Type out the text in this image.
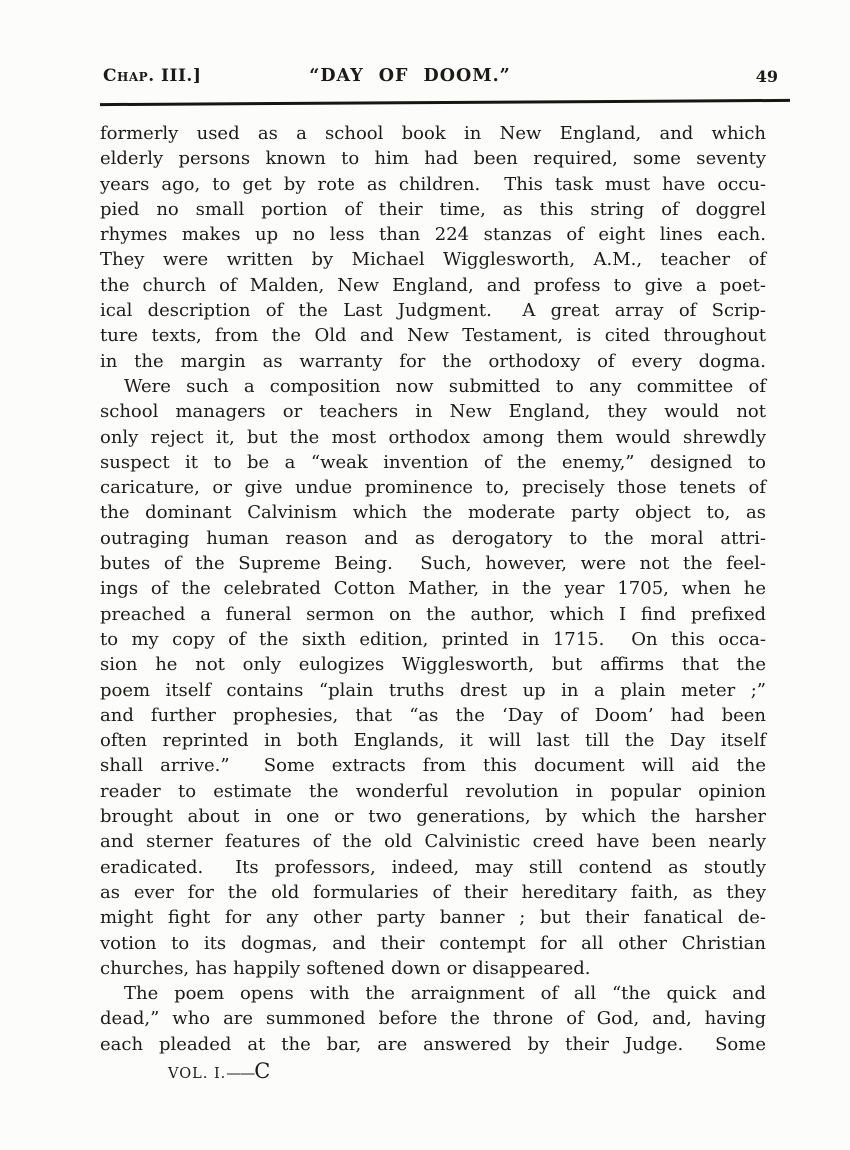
Chap. III.]	“DAY OF DOOM.”	49
formerly used as a school book in New England, and which
elderly persons known to him had been required, some seventy
years ago, to get by rote as children.  This task must have occu-
pied no small portion of their time, as this string of doggrel
rhymes makes up no less than 224 stanzas of eight lines each.
They were written by Michael Wigglesworth, A.M., teacher of
the church of Malden, New England, and profess to give a poet-
ical description of the Last Judgment.  A great array of Scrip-
ture texts, from the Old and New Testament, is cited throughout
in the margin as warranty for the orthodoxy of every dogma.
Were such a composition now submitted to any committee of
school managers or teachers in New England, they would not
only reject it, but the most orthodox among them would shrewdly
suspect it to be a “weak invention of the enemy,” designed to
caricature, or give undue prominence to, precisely those tenets of
the dominant Calvinism which the moderate party object to, as
outraging human reason and as derogatory to the moral attri-
butes of the Supreme Being.  Such, however, were not the feel-
ings of the celebrated Cotton Mather, in the year 1705, when he
preached a funeral sermon on the author, which I find prefixed
to my copy of the sixth edition, printed in 1715.  On this occa-
sion he not only eulogizes Wigglesworth, but affirms that the
poem itself contains “plain truths drest up in a plain meter ;”
and further prophesies, that “as the ‘Day of Doom’ had been
often reprinted in both Englands, it will last till the Day itself
shall arrive.”  Some extracts from this document will aid the
reader to estimate the wonderful revolution in popular opinion
brought about in one or two generations, by which the harsher
and sterner features of the old Calvinistic creed have been nearly
eradicated.  Its professors, indeed, may still contend as stoutly
as ever for the old formularies of their hereditary faith, as they
might fight for any other party banner ; but their fanatical de-
votion to its dogmas, and their contempt for all other Christian
churches, has happily softened down or disappeared.
The poem opens with the arraignment of all “the quick and
dead,” who are summoned before the throne of God, and, having
each pleaded at the bar, are answered by their Judge.  Some
VOL. I.——C
